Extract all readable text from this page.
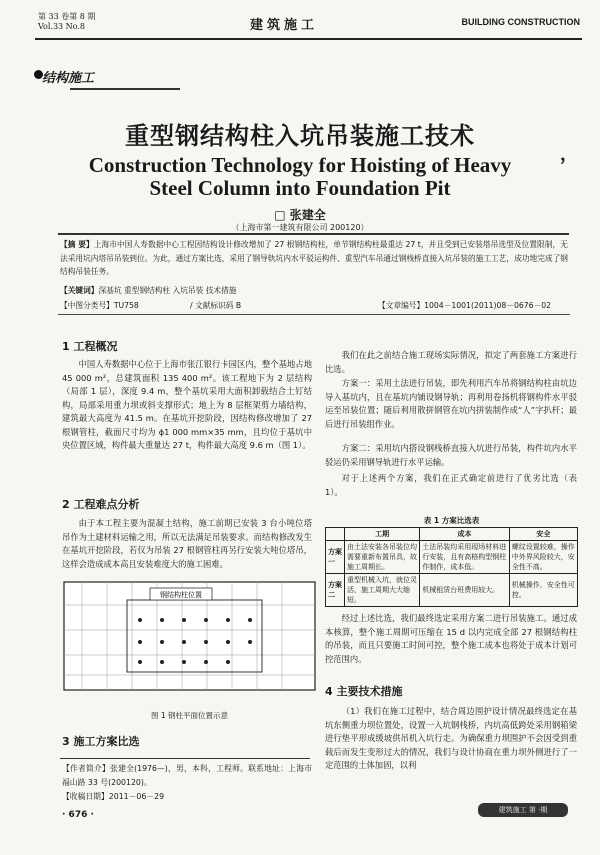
第 33 卷第 8 期
Vol.33 No.8	建筑施工	BUILDING CONSTRUCTION
结构施工
重型钢结构柱入坑吊装施工技术
，
Construction Technology for Hoisting of Heavy
Steel Column into Foundation Pit
□ 张建全
（上海市第一建筑有限公司 200120）
【摘 要】上海市中国人寿数据中心工程因结构设计修改增加了 27 根钢结构柱，单节钢结构柱最重达 27 t，并且受到已安装塔吊选型及位置限制，无法采用坑内塔吊吊装到位。为此，通过方案比选，采用了钢导轨坑内水平驳运构件、重型汽车吊通过钢栈桥直接入坑吊装的施工工艺，成功地完成了钢结构吊装任务。
【关键词】深基坑 重型钢结构柱 入坑吊装 技术措施
【中图分类号】TU758	/ 文献标识码 B	【文章编号】1004－1001(2011)08－0676－02
1 工程概况
中国人寿数据中心位于上海市张江银行卡园区内，整个基地占地 45 000 m²，总建筑面积 135 400 m²。该工程地下为 2 层结构（局部 1 层），深度 9.4 m，整个基坑采用大面积卸载结合土钉结构，局部采用重力坝或斜支撑形式；地上为 8 层框架剪力墙结构，建筑最大高度为 41.5 m。在基坑开挖阶段，因结构修改增加了 27 根钢管柱，截面尺寸均为 ϕ1 000 mm×35 mm，且均位于基坑中央位置区域，构件最大重量达 27 t，构件最大高度 9.6 m（图 1）。
2 工程难点分析
由于本工程主要为混凝土结构，施工前期已安装 3 台小吨位塔吊作为土建材料运输之用，所以无法满足吊装要求。而结构修改发生在基坑开挖阶段，若仅为吊装 27 根钢管柱再另行安装大吨位塔吊，这样会造成成本高且安装难度大的施工困难。
钢结构柱位置
图 1 钢柱平面位置示意
3 施工方案比选
【作者简介】张建全(1976—)，男，本科，工程师。联系地址：上海市福山路 33 号(200120)。
【收稿日期】2011－06－29
· 676 ·
我们在此之前结合施工现场实际情况，拟定了两套施工方案进行比选。
方案一：采用土法进行吊装，即先利用汽车吊将钢结构柱由坑边导入基坑内，且在基坑内铺设钢导轨；再利用卷扬机将钢构件水平驳运至吊装位置；随后利用散拼钢管在坑内拼装制作成“人”字扒杆；最后进行吊装组作业。
方案二：采用坑内搭设钢栈桥直接入坑进行吊装，构件坑内水平驳运仍采用钢导轨进行水平运输。
对于上述两个方案，我们在正式确定前进行了优劣比选（表 1）。
表 1 方案比选表
	工期	成本	安全
方案一	由土法安装各吊装位均需要重新布置吊具，故施工周期长。	土法吊装均采用现场材料进行安装，且有高格构型钢柱作制作，成本低。	螺纹设置较难，操作中外界风险较大，安全性不高。
方案二	重型机械入坑，就位灵活，施工周期大大缩短。	机械租赁台班费用较大。	机械操作，安全性可控。
经过上述比选，我们最终选定采用方案二进行吊装施工。通过成本核算，整个施工周期可压缩在 15 d 以内完成全部 27 根钢结构柱的吊装，而且只要施工时间可控，整个施工成本也将处于成本计划可控范围内。
4 主要技术措施
（1）我们在施工过程中，结合周边围护设计情况最终选定在基坑东侧重力坝位置处，设置一入坑钢栈桥，内坑高低跨处采用钢箱梁进行垫平形成缓坡供吊机入坑行走。为确保重力坝围护不会因受到重载后而发生变形过大的情况，我们与设计协商在重力坝外侧进行了一定范围的土体加固，以利
建筑施工 第 ·期
